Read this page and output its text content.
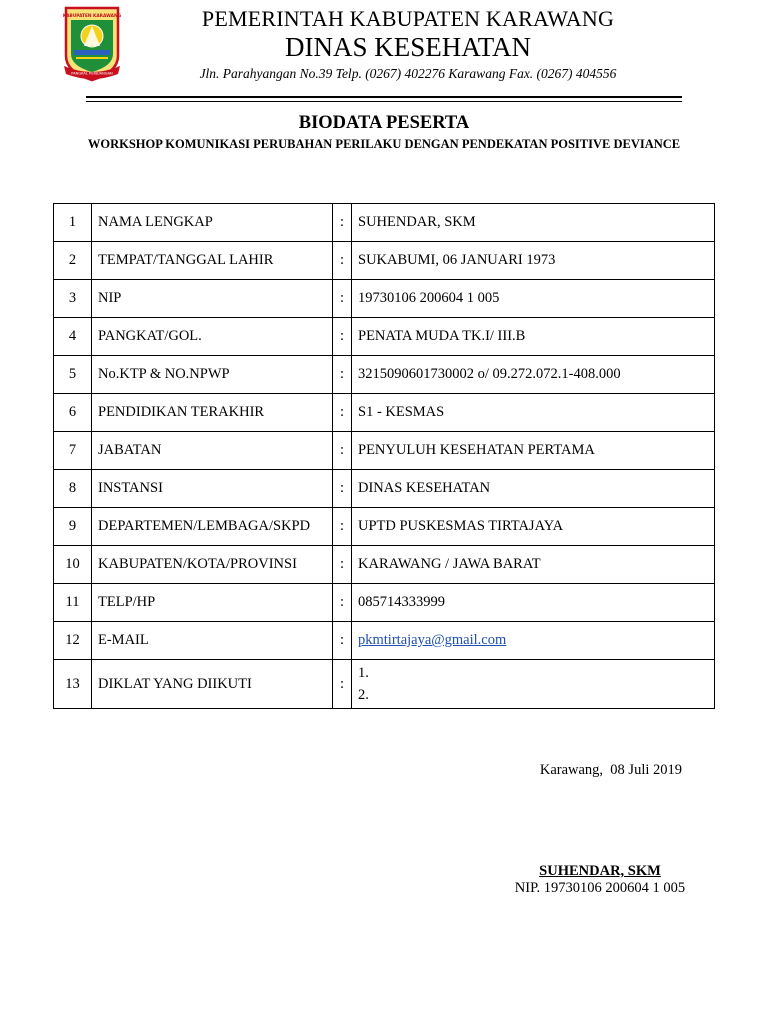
KABUPATEN KARAWANG
PANGKAL PERJUANGAN
PEMERINTAH KABUPATEN KARAWANG
DINAS KESEHATAN
Jln. Parahyangan No.39 Telp. (0267) 402276 Karawang Fax. (0267) 404556
BIODATA PESERTA
WORKSHOP KOMUNIKASI PERUBAHAN PERILAKU DENGAN PENDEKATAN POSITIVE DEVIANCE
1	NAMA LENGKAP	:	SUHENDAR, SKM
2	TEMPAT/TANGGAL LAHIR	:	SUKABUMI, 06 JANUARI 1973
3	NIP	:	19730106 200604 1 005
4	PANGKAT/GOL.	:	PENATA MUDA TK.I/ III.B
5	No.KTP & NO.NPWP	:	3215090601730002 o/ 09.272.072.1-408.000
6	PENDIDIKAN TERAKHIR	:	S1 - KESMAS
7	JABATAN	:	PENYULUH KESEHATAN PERTAMA
8	INSTANSI	:	DINAS KESEHATAN
9	DEPARTEMEN/LEMBAGA/SKPD	:	UPTD PUSKESMAS TIRTAJAYA
10	KABUPATEN/KOTA/PROVINSI	:	KARAWANG / JAWA BARAT
11	TELP/HP	:	085714333999
12	E-MAIL	:	pkmtirtajaya@gmail.com
13	DIKLAT YANG DIIKUTI	:	1.
2.
Karawang,  08 Juli 2019
SUHENDAR, SKM
NIP. 19730106 200604 1 005
